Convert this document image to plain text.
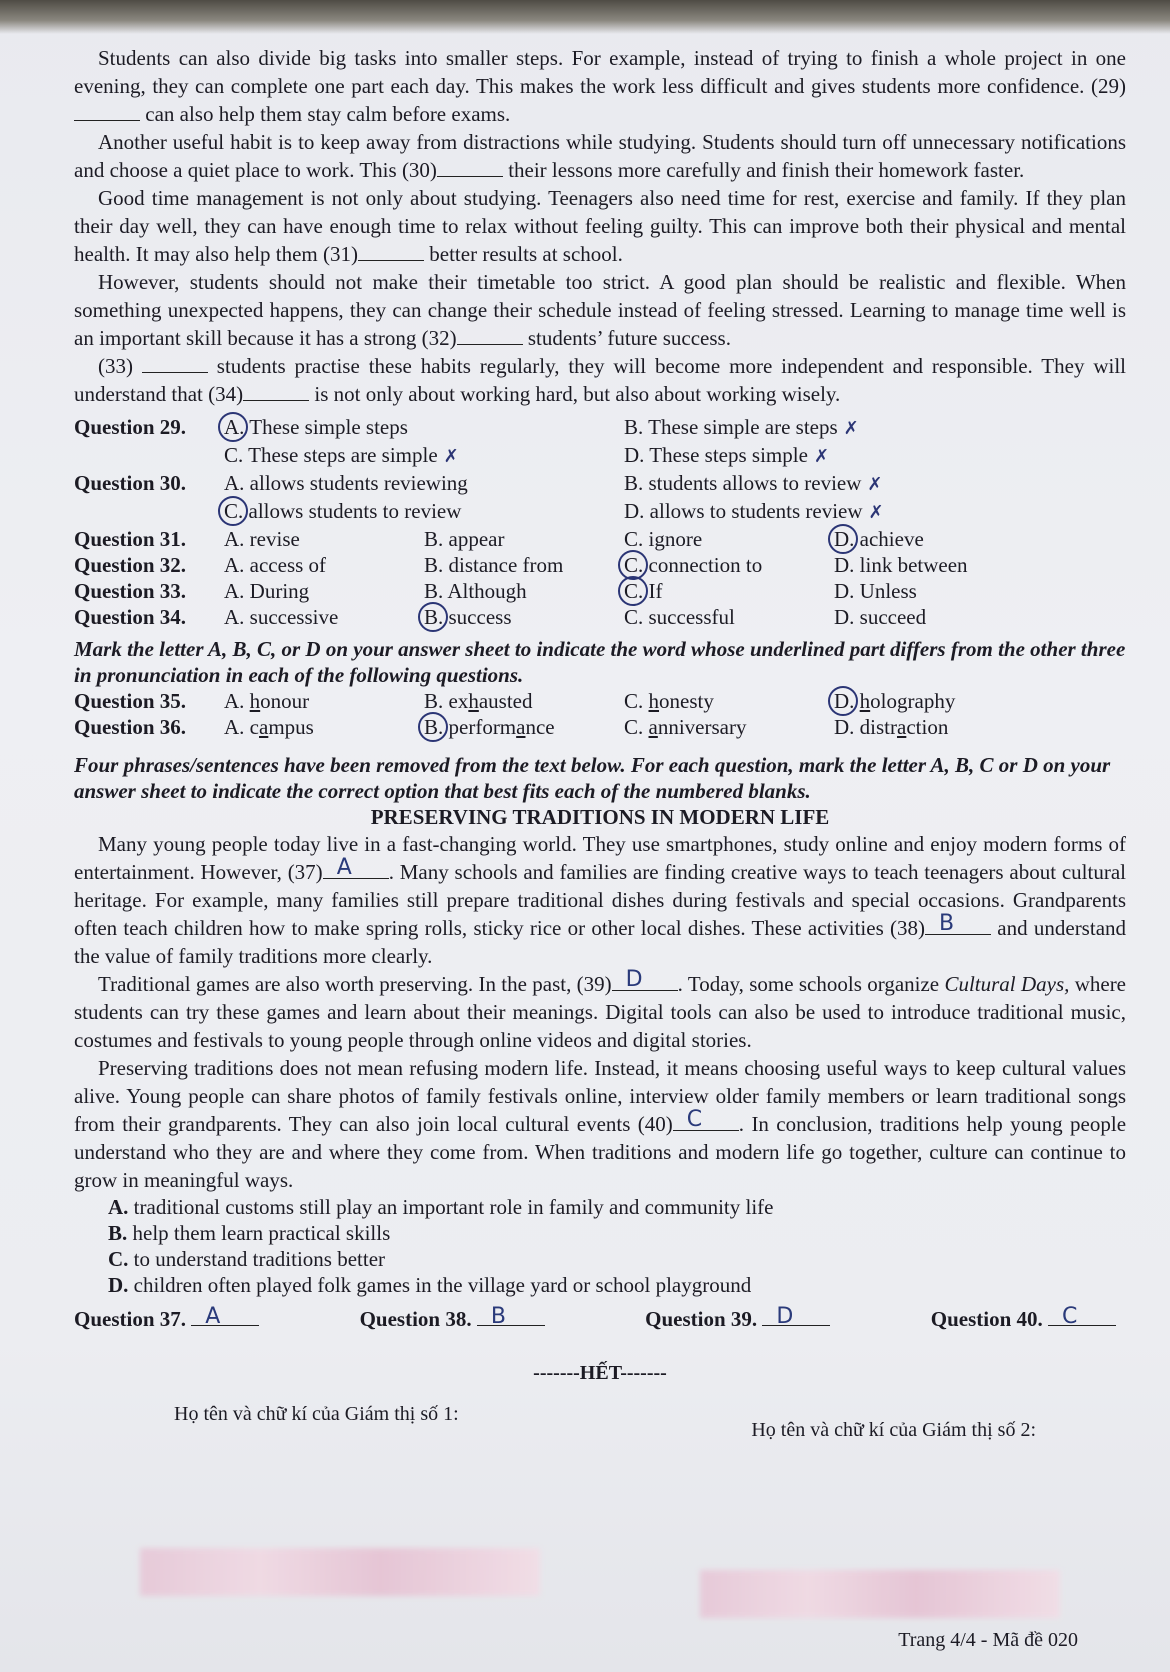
Students can also divide big tasks into smaller steps. For example, instead of trying to finish a whole project in one evening, they can complete one part each day. This makes the work less difficult and gives students more confidence. (29) can also help them stay calm before exams.

Another useful habit is to keep away from distractions while studying. Students should turn off unnecessary notifications and choose a quiet place to work. This (30)	their lessons more carefully and finish their homework faster.

Good time management is not only about studying. Teenagers also need time for rest, exercise and family. If they plan their day well, they can have enough time to relax without feeling guilty. This can improve both their physical and mental health. It may also help them (31)	better results at school.

However, students should not make their timetable too strict. A good plan should be realistic and flexible. When something unexpected happens, they can change their schedule instead of feeling stressed. Learning to manage time well is an important skill because it has a strong (32)	students’ future success.

(33)	students practise these habits regularly, they will become more independent and responsible. They will understand that (34)	is not only about working hard, but also about working wisely.

Question 29.	A. These simple steps	B. These simple are steps ✗
C. These steps are simple ✗	D. These steps simple ✗
Question 30.	A. allows students reviewing	B. students allows to review ✗
C. allows students to review	D. allows to students review ✗
Question 31.	A. revise	B. appear	C. ignore	D. achieve
Question 32.	A. access of	B. distance from	C. connection to	D. link between
Question 33.	A. During	B. Although	C. If	D. Unless
Question 34.	A. successive	B. success	C. successful	D. succeed

Mark the letter A, B, C, or D on your answer sheet to indicate the word whose underlined part differs from the other three in pronunciation in each of the following questions.

Question 35.	A. honour	B. exhausted	C. honesty	D. holography
Question 36.	A. campus	B. performance	C. anniversary	D. distraction

Four phrases/sentences have been removed from the text below. For each question, mark the letter A, B, C or D on your answer sheet to indicate the correct option that best fits each of the numbered blanks.

PRESERVING TRADITIONS IN MODERN LIFE

Many young people today live in a fast-changing world. They use smartphones, study online and enjoy modern forms of entertainment. However, (37) A . Many schools and families are finding creative ways to teach teenagers about cultural heritage. For example, many families still prepare traditional dishes during festivals and special occasions. Grandparents often teach children how to make spring rolls, sticky rice or other local dishes. These activities (38) B and understand the value of family traditions more clearly.

Traditional games are also worth preserving. In the past, (39) D . Today, some schools organize Cultural Days, where students can try these games and learn about their meanings. Digital tools can also be used to introduce traditional music, costumes and festivals to young people through online videos and digital stories.

Preserving traditions does not mean refusing modern life. Instead, it means choosing useful ways to keep cultural values alive. Young people can share photos of family festivals online, interview older family members or learn traditional songs from their grandparents. They can also join local cultural events (40) C . In conclusion, traditions help young people understand who they are and where they come from. When traditions and modern life go together, culture can continue to grow in meaningful ways.

A. traditional customs still play an important role in family and community life
B. help them learn practical skills
C. to understand traditions better
D. children often played folk games in the village yard or school playground
Question 37. A	Question 38. B	Question 39. D	Question 40. C

-------HẾT-------

Họ tên và chữ kí của Giám thị số 1:
Họ tên và chữ kí của Giám thị số 2:
Trang 4/4 - Mã đề 020
